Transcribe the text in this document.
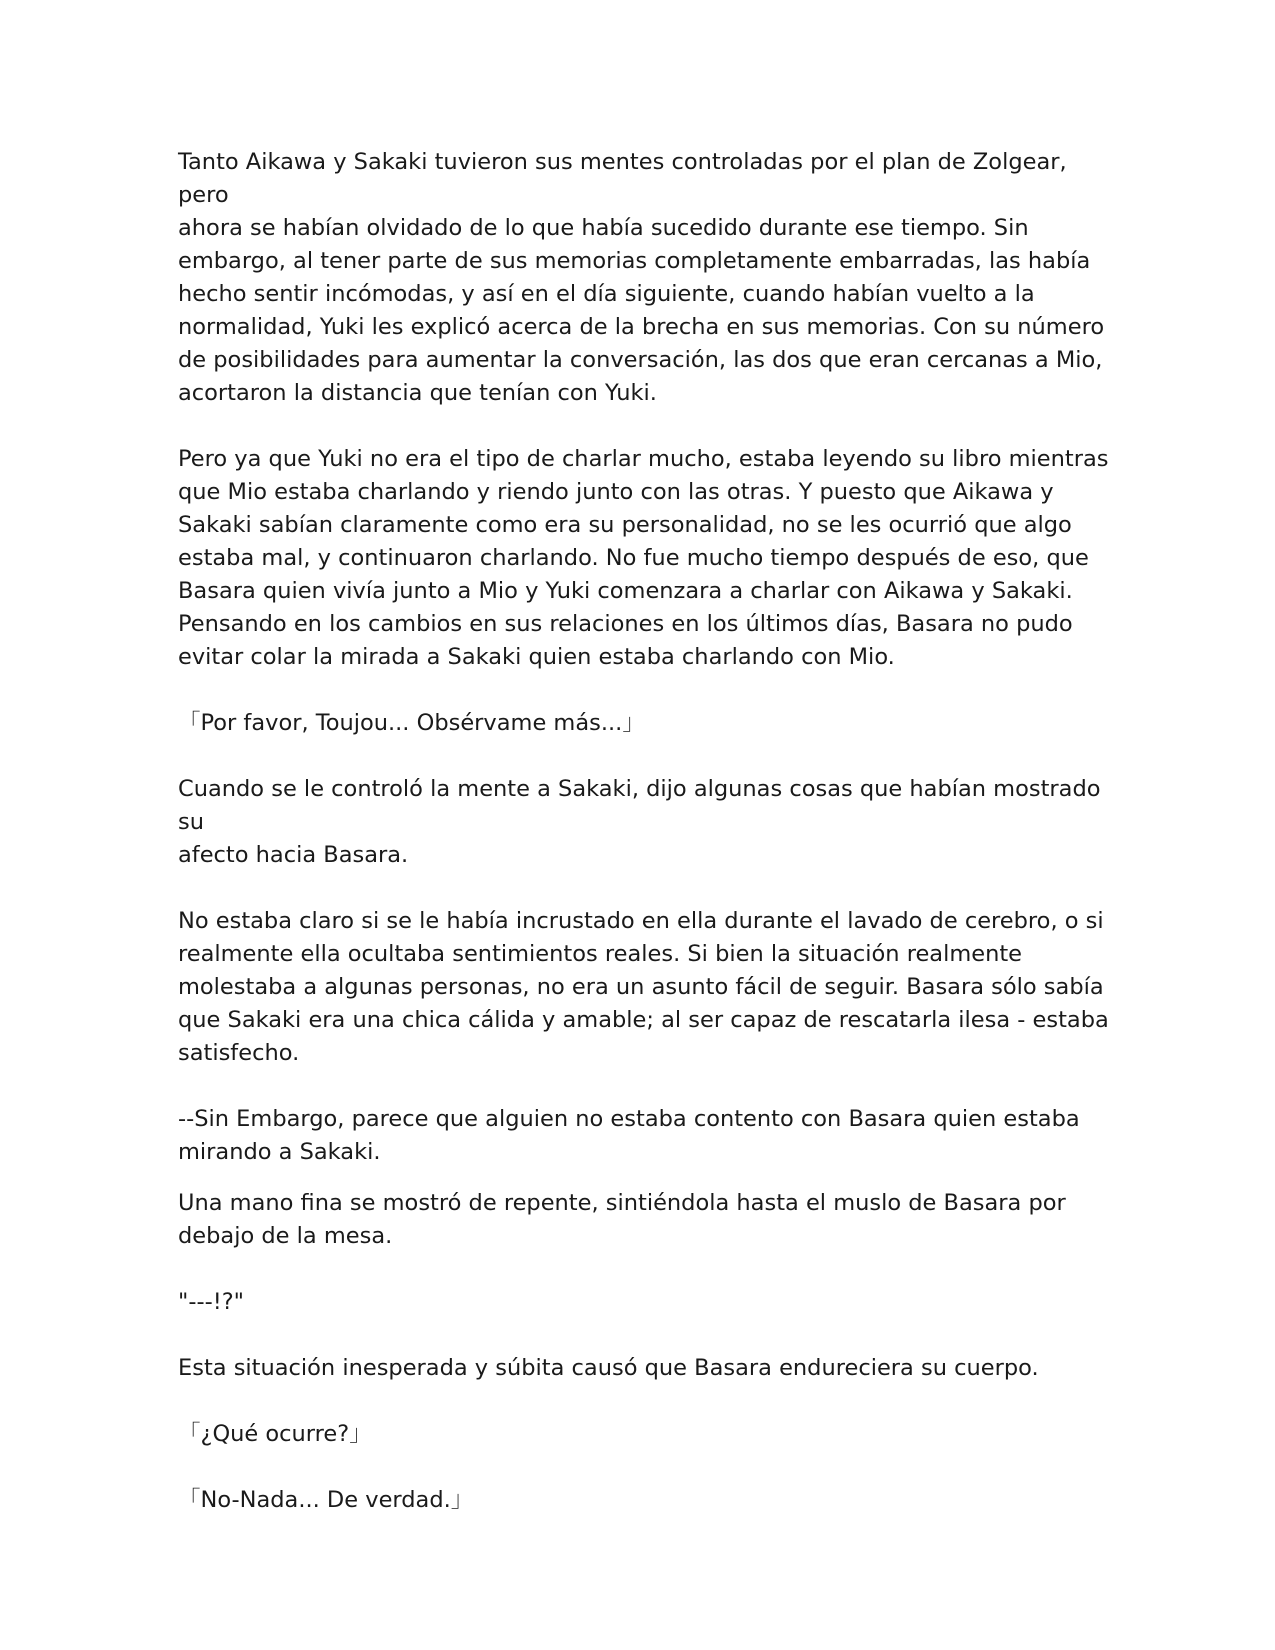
Tanto Aikawa y Sakaki tuvieron sus mentes controladas por el plan de Zolgear, pero
ahora se habían olvidado de lo que había sucedido durante ese tiempo. Sin
embargo, al tener parte de sus memorias completamente embarradas, las había
hecho sentir incómodas, y así en el día siguiente, cuando habían vuelto a la
normalidad, Yuki les explicó acerca de la brecha en sus memorias. Con su número
de posibilidades para aumentar la conversación, las dos que eran cercanas a Mio,
acortaron la distancia que tenían con Yuki.

Pero ya que Yuki no era el tipo de charlar mucho, estaba leyendo su libro mientras
que Mio estaba charlando y riendo junto con las otras. Y puesto que Aikawa y
Sakaki sabían claramente como era su personalidad, no se les ocurrió que algo
estaba mal, y continuaron charlando. No fue mucho tiempo después de eso, que
Basara quien vivía junto a Mio y Yuki comenzara a charlar con Aikawa y Sakaki.
Pensando en los cambios en sus relaciones en los últimos días, Basara no pudo
evitar colar la mirada a Sakaki quien estaba charlando con Mio.

「Por favor, Toujou... Obsérvame más...」

Cuando se le controló la mente a Sakaki, dijo algunas cosas que habían mostrado su
afecto hacia Basara.

No estaba claro si se le había incrustado en ella durante el lavado de cerebro, o si
realmente ella ocultaba sentimientos reales. Si bien la situación realmente
molestaba a algunas personas, no era un asunto fácil de seguir. Basara sólo sabía
que Sakaki era una chica cálida y amable; al ser capaz de rescatarla ilesa - estaba
satisfecho.

--Sin Embargo, parece que alguien no estaba contento con Basara quien estaba
mirando a Sakaki.

Una mano fina se mostró de repente, sintiéndola hasta el muslo de Basara por
debajo de la mesa.

"---!?"

Esta situación inesperada y súbita causó que Basara endureciera su cuerpo.

「¿Qué ocurre?」

「No-Nada... De verdad.」
